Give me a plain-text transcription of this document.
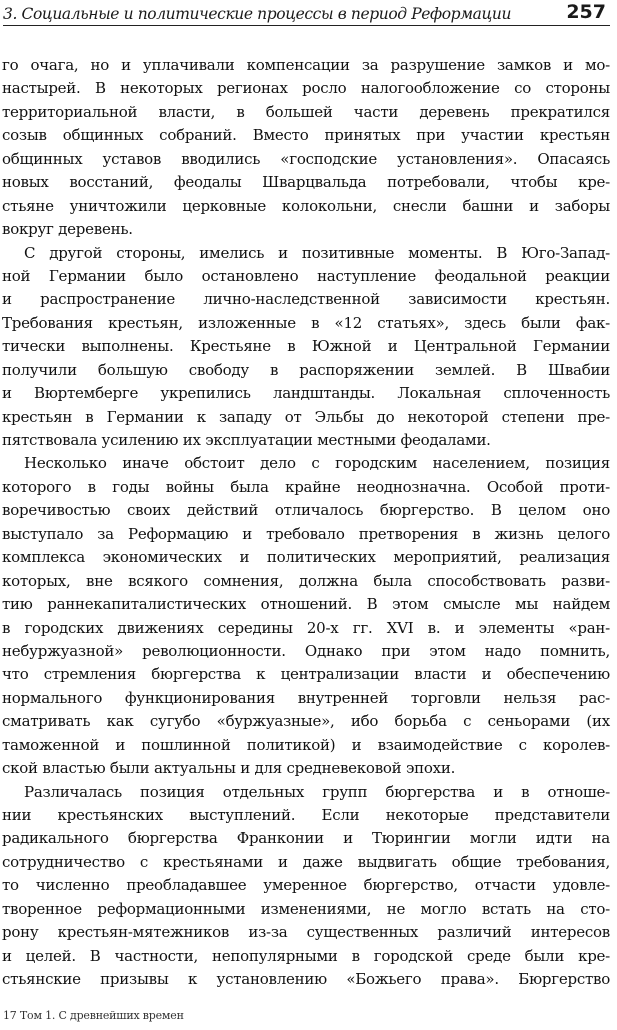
3. Социальные и политические процессы в период Реформации	257
го очага, но и уплачивали компенсации за разрушение замков и мо-
настырей. В некоторых регионах росло налогообложение со стороны
территориальной власти, в большей части деревень прекратился
созыв общинных собраний. Вместо принятых при участии крестьян
общинных уставов вводились «господские установления». Опасаясь
новых восстаний, феодалы Шварцвальда потребовали, чтобы кре-
стьяне уничтожили церковные колокольни, снесли башни и заборы
вокруг деревень.
С другой стороны, имелись и позитивные моменты. В Юго-Запад-
ной Германии было остановлено наступление феодальной реакции
и распространение лично-наследственной зависимости крестьян.
Требования крестьян, изложенные в «12 статьях», здесь были фак-
тически выполнены. Крестьяне в Южной и Центральной Германии
получили большую свободу в распоряжении землей. В Швабии
и Вюртемберге укрепились ландштанды. Локальная сплоченность
крестьян в Германии к западу от Эльбы до некоторой степени пре-
пятствовала усилению их эксплуатации местными феодалами.
Несколько иначе обстоит дело с городским населением, позиция
которого в годы войны была крайне неоднозначна. Особой проти-
воречивостью своих действий отличалось бюргерство. В целом оно
выступало за Реформацию и требовало претворения в жизнь целого
комплекса экономических и политических мероприятий, реализация
которых, вне всякого сомнения, должна была способствовать разви-
тию раннекапиталистических отношений. В этом смысле мы найдем
в городских движениях середины 20-х гг. XVI в. и элементы «ран-
небуржуазной» революционности. Однако при этом надо помнить,
что стремления бюргерства к централизации власти и обеспечению
нормального функционирования внутренней торговли нельзя рас-
сматривать как сугубо «буржуазные», ибо борьба с сеньорами (их
таможенной и пошлинной политикой) и взаимодействие с королев-
ской властью были актуальны и для средневековой эпохи.
Различалась позиция отдельных групп бюргерства и в отноше-
нии крестьянских выступлений. Если некоторые представители
радикального бюргерства Франконии и Тюрингии могли идти на
сотрудничество с крестьянами и даже выдвигать общие требования,
то численно преобладавшее умеренное бюргерство, отчасти удовле-
творенное реформационными изменениями, не могло встать на сто-
рону крестьян-мятежников из-за существенных различий интересов
и целей. В частности, непопулярными в городской среде были кре-
стьянские призывы к установлению «Божьего права». Бюргерство
17 Том 1. С древнейших времен
